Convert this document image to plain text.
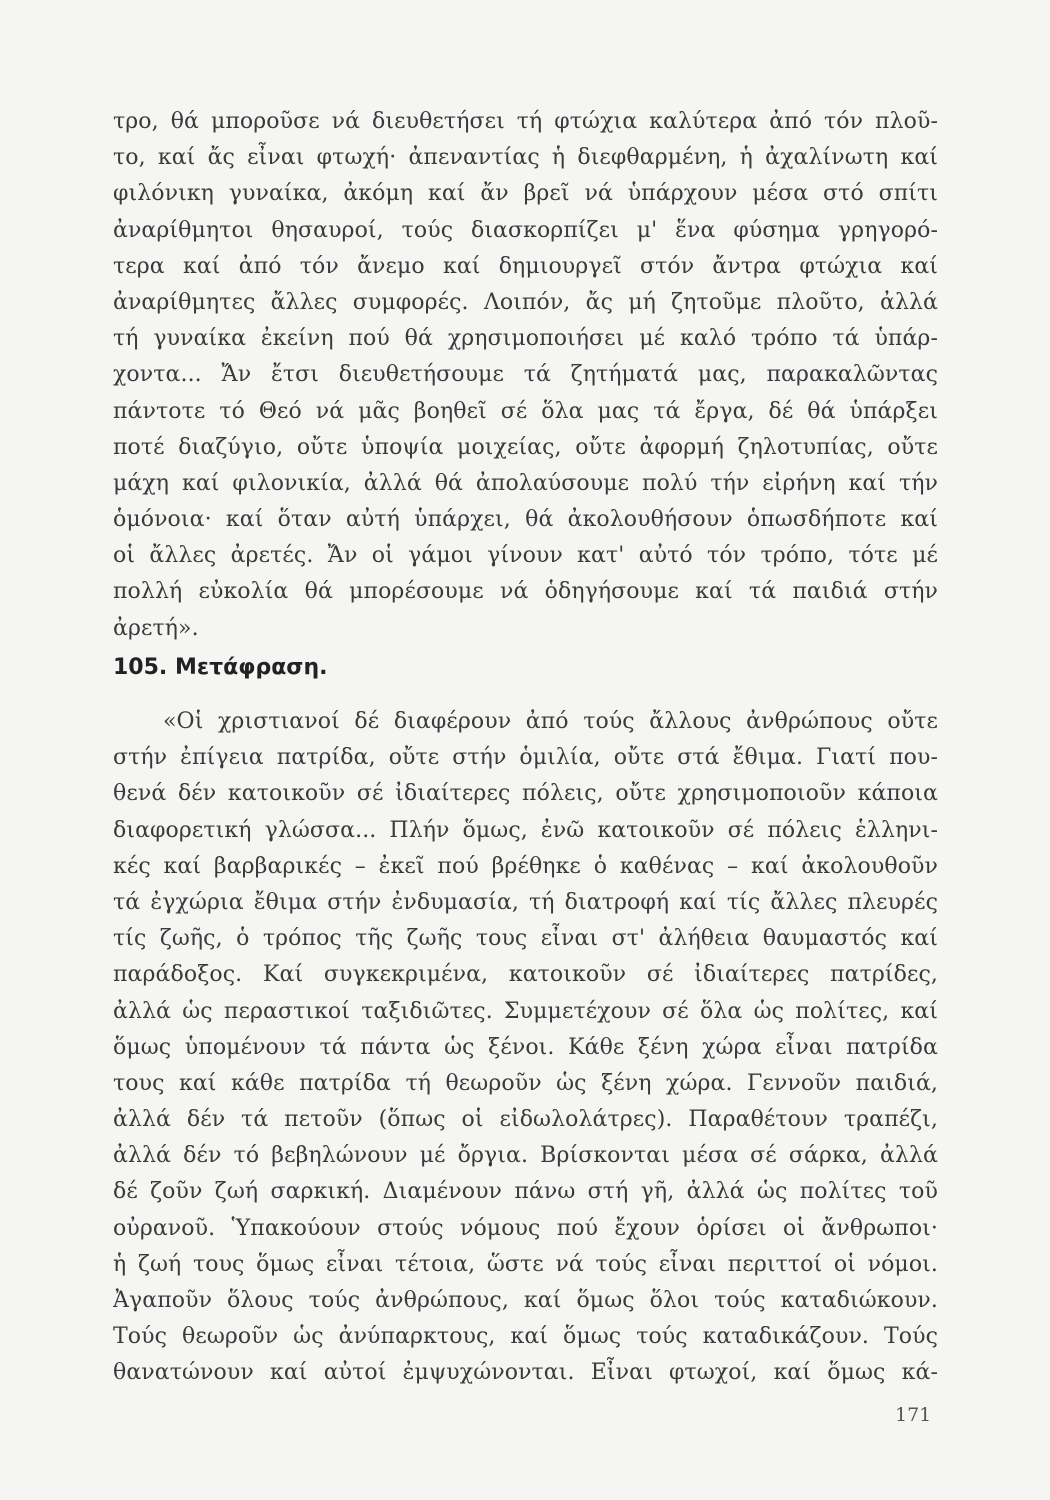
τρο, θά μποροῦσε νά διευθετήσει τή φτώχια καλύτερα ἀπό τόν πλοῦ-
το, καί ἄς εἶναι φτωχή· ἀπεναντίας ἡ διεφθαρμένη, ἡ ἀχαλίνωτη καί
φιλόνικη γυναίκα, ἀκόμη καί ἄν βρεῖ νά ὑπάρχουν μέσα στό σπίτι
ἀναρίθμητοι θησαυροί, τούς διασκορπίζει μ' ἕνα φύσημα γρηγορό-
τερα καί ἀπό τόν ἄνεμο καί δημιουργεῖ στόν ἄντρα φτώχια καί
ἀναρίθμητες ἄλλες συμφορές. Λοιπόν, ἄς μή ζητοῦμε πλοῦτο, ἀλλά
τή γυναίκα ἐκείνη πού θά χρησιμοποιήσει μέ καλό τρόπο τά ὑπάρ-
χοντα... Ἄν ἔτσι διευθετήσουμε τά ζητήματά μας, παρακαλῶντας
πάντοτε τό Θεό νά μᾶς βοηθεῖ σέ ὅλα μας τά ἔργα, δέ θά ὑπάρξει
ποτέ διαζύγιο, οὔτε ὑποψία μοιχείας, οὔτε ἀφορμή ζηλοτυπίας, οὔτε
μάχη καί φιλονικία, ἀλλά θά ἀπολαύσουμε πολύ τήν εἰρήνη καί τήν
ὁμόνοια· καί ὅταν αὐτή ὑπάρχει, θά ἀκολουθήσουν ὁπωσδήποτε καί
οἱ ἄλλες ἀρετές. Ἄν οἱ γάμοι γίνουν κατ' αὐτό τόν τρόπο, τότε μέ
πολλή εὐκολία θά μπορέσουμε νά ὁδηγήσουμε καί τά παιδιά στήν
ἀρετή».
105. Μετάφραση.
«Οἱ χριστιανοί δέ διαφέρουν ἀπό τούς ἄλλους ἀνθρώπους οὔτε
στήν ἐπίγεια πατρίδα, οὔτε στήν ὁμιλία, οὔτε στά ἔθιμα. Γιατί που-
θενά δέν κατοικοῦν σέ ἰδιαίτερες πόλεις, οὔτε χρησιμοποιοῦν κάποια
διαφορετική γλώσσα... Πλήν ὅμως, ἐνῶ κατοικοῦν σέ πόλεις ἑλληνι-
κές καί βαρβαρικές – ἐκεῖ πού βρέθηκε ὁ καθένας – καί ἀκολουθοῦν
τά ἐγχώρια ἔθιμα στήν ἐνδυμασία, τή διατροφή καί τίς ἄλλες πλευρές
τίς ζωῆς, ὁ τρόπος τῆς ζωῆς τους εἶναι στ' ἀλήθεια θαυμαστός καί
παράδοξος. Καί συγκεκριμένα, κατοικοῦν σέ ἰδιαίτερες πατρίδες,
ἀλλά ὡς περαστικοί ταξιδιῶτες. Συμμετέχουν σέ ὅλα ὡς πολίτες, καί
ὅμως ὑπομένουν τά πάντα ὡς ξένοι. Κάθε ξένη χώρα εἶναι πατρίδα
τους καί κάθε πατρίδα τή θεωροῦν ὡς ξένη χώρα. Γεννοῦν παιδιά,
ἀλλά δέν τά πετοῦν (ὅπως οἱ εἰδωλολάτρες). Παραθέτουν τραπέζι,
ἀλλά δέν τό βεβηλώνουν μέ ὄργια. Βρίσκονται μέσα σέ σάρκα, ἀλλά
δέ ζοῦν ζωή σαρκική. Διαμένουν πάνω στή γῆ, ἀλλά ὡς πολίτες τοῦ
οὐρανοῦ. Ὑπακούουν στούς νόμους πού ἔχουν ὁρίσει οἱ ἄνθρωποι·
ἡ ζωή τους ὅμως εἶναι τέτοια, ὥστε νά τούς εἶναι περιττοί οἱ νόμοι.
Ἀγαποῦν ὅλους τούς ἀνθρώπους, καί ὅμως ὅλοι τούς καταδιώκουν.
Τούς θεωροῦν ὡς ἀνύπαρκτους, καί ὅμως τούς καταδικάζουν. Τούς
θανατώνουν καί αὐτοί ἐμψυχώνονται. Εἶναι φτωχοί, καί ὅμως κά-
171
